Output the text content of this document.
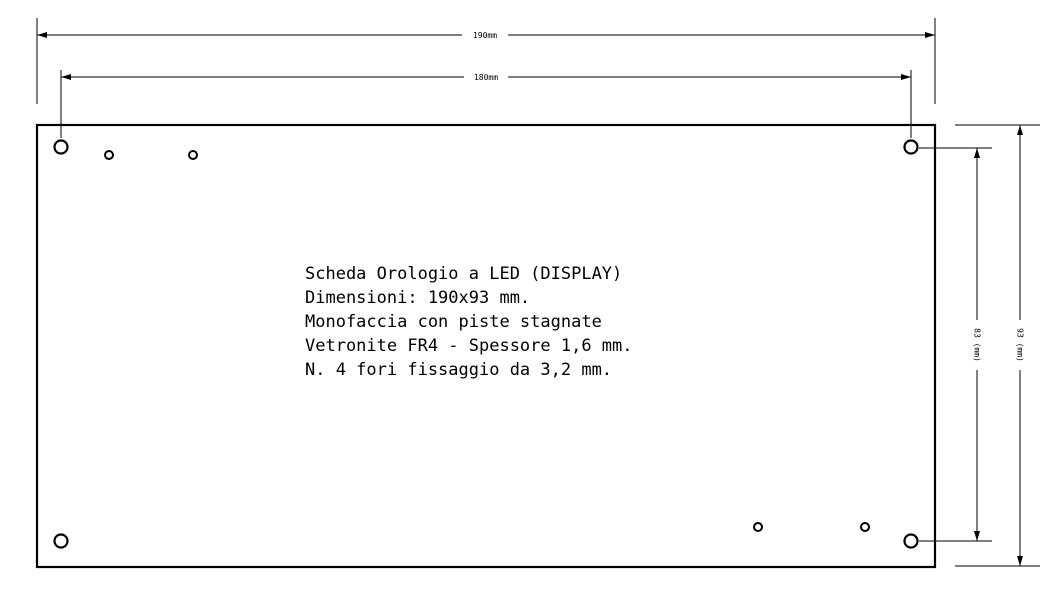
190mm
180mm
83 (mm)	93 (mm)
Scheda Orologio a LED (DISPLAY)
Dimensioni: 190x93 mm.
Monofaccia con piste stagnate
Vetronite FR4 - Spessore 1,6 mm.
N. 4 fori fissaggio da 3,2 mm.
